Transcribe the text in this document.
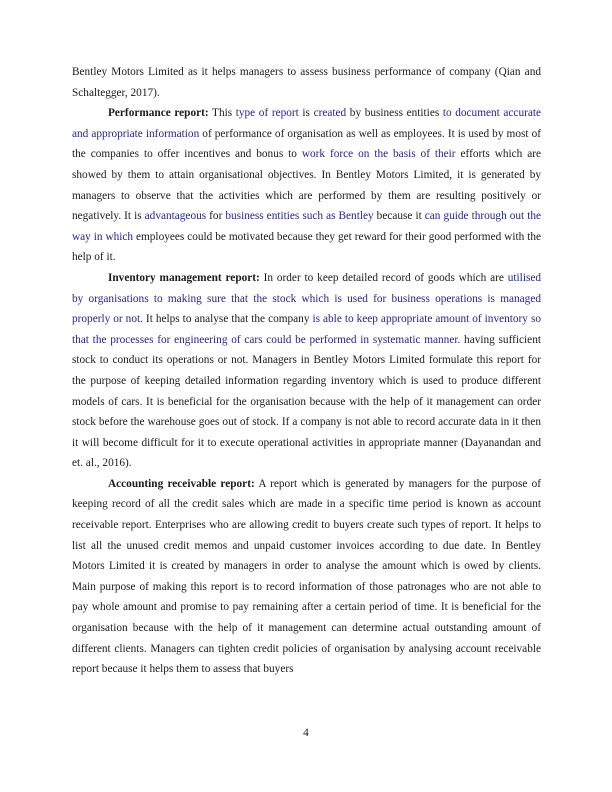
Bentley Motors Limited as it helps managers to assess business performance of company (Qian and Schaltegger, 2017).

Performance report: This type of report is created by business entities to document accurate and appropriate information of performance of organisation as well as employees. It is used by most of the companies to offer incentives and bonus to work force on the basis of their efforts which are showed by them to attain organisational objectives. In Bentley Motors Limited, it is generated by managers to observe that the activities which are performed by them are resulting positively or negatively. It is advantageous for business entities such as Bentley because it can guide through out the way in which employees could be motivated because they get reward for their good performed with the help of it.

Inventory management report: In order to keep detailed record of goods which are utilised by organisations to making sure that the stock which is used for business operations is managed properly or not. It helps to analyse that the company is able to keep appropriate amount of inventory so that the processes for engineering of cars could be performed in systematic manner. having sufficient stock to conduct its operations or not. Managers in Bentley Motors Limited formulate this report for the purpose of keeping detailed information regarding inventory which is used to produce different models of cars. It is beneficial for the organisation because with the help of it management can order stock before the warehouse goes out of stock. If a company is not able to record accurate data in it then it will become difficult for it to execute operational activities in appropriate manner (Dayanandan and et. al., 2016).

Accounting receivable report: A report which is generated by managers for the purpose of keeping record of all the credit sales which are made in a specific time period is known as account receivable report. Enterprises who are allowing credit to buyers create such types of report. It helps to list all the unused credit memos and unpaid customer invoices according to due date. In Bentley Motors Limited it is created by managers in order to analyse the amount which is owed by clients. Main purpose of making this report is to record information of those patronages who are not able to pay whole amount and promise to pay remaining after a certain period of time. It is beneficial for the organisation because with the help of it management can determine actual outstanding amount of different clients. Managers can tighten credit policies of organisation by analysing account receivable report because it helps them to assess that buyers

4
